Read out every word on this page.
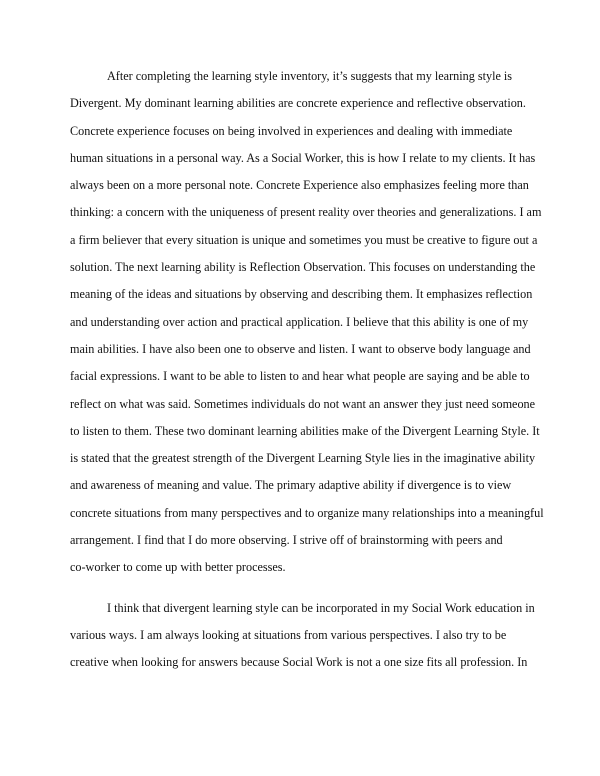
After completing the learning style inventory, it’s suggests that my learning style is
Divergent. My dominant learning abilities are concrete experience and reflective observation.
Concrete experience focuses on being involved in experiences and dealing with immediate
human situations in a personal way. As a Social Worker, this is how I relate to my clients. It has
always been on a more personal note. Concrete Experience also emphasizes feeling more than
thinking: a concern with the uniqueness of present reality over theories and generalizations. I am
a firm believer that every situation is unique and sometimes you must be creative to figure out a
solution. The next learning ability is Reflection Observation. This focuses on understanding the
meaning of the ideas and situations by observing and describing them. It emphasizes reflection
and understanding over action and practical application. I believe that this ability is one of my
main abilities. I have also been one to observe and listen. I want to observe body language and
facial expressions. I want to be able to listen to and hear what people are saying and be able to
reflect on what was said. Sometimes individuals do not want an answer they just need someone
to listen to them. These two dominant learning abilities make of the Divergent Learning Style. It
is stated that the greatest strength of the Divergent Learning Style lies in the imaginative ability
and awareness of meaning and value. The primary adaptive ability if divergence is to view
concrete situations from many perspectives and to organize many relationships into a meaningful
arrangement. I find that I do more observing. I strive off of brainstorming with peers and
co-worker to come up with better processes.
I think that divergent learning style can be incorporated in my Social Work education in
various ways. I am always looking at situations from various perspectives. I also try to be
creative when looking for answers because Social Work is not a one size fits all profession. In
